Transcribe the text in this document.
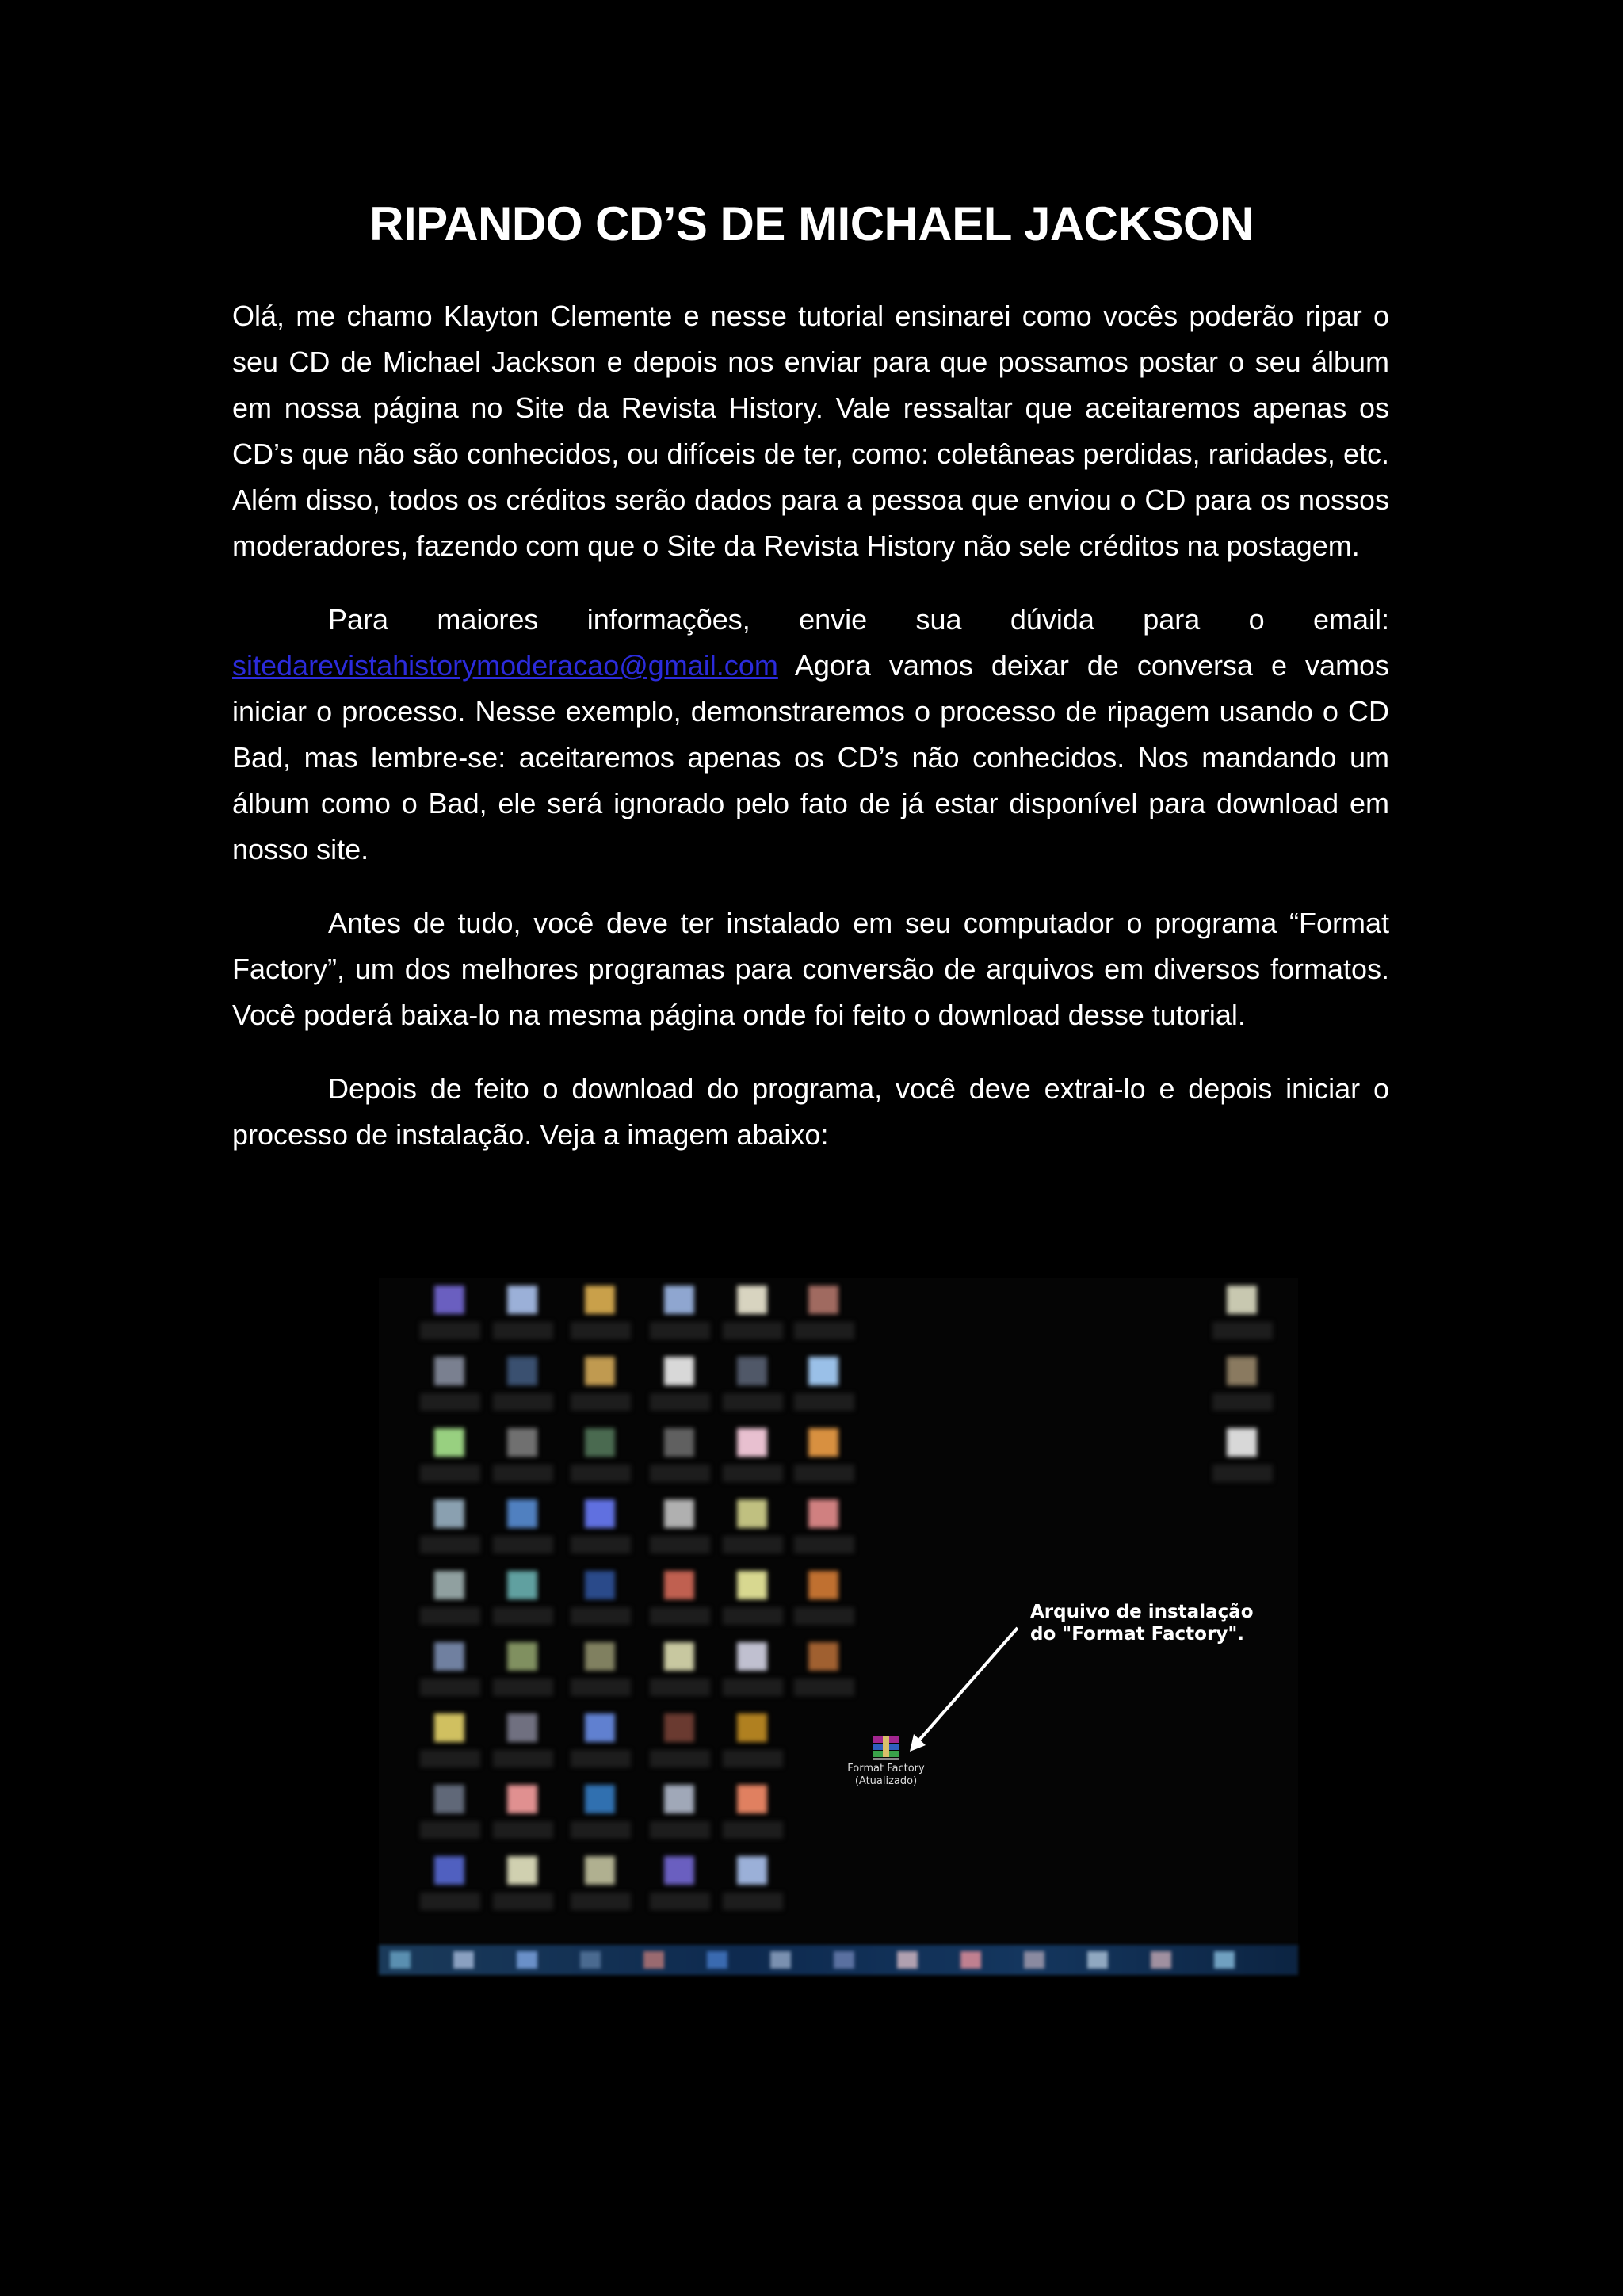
RIPANDO CD’S DE MICHAEL JACKSON

Olá, me chamo Klayton Clemente e nesse tutorial ensinarei como vocês poderão ripar o seu CD de Michael Jackson e depois nos enviar para que possamos postar o seu álbum em nossa página no Site da Revista History. Vale ressaltar que aceitaremos apenas os CD’s que não são conhecidos, ou difíceis de ter, como: coletâneas perdidas, raridades, etc. Além disso, todos os créditos serão dados para a pessoa que enviou o CD para os nossos moderadores, fazendo com que o Site da Revista History não sele créditos na postagem.

Para maiores informações, envie sua dúvida para o email: sitedarevistahistorymoderacao@gmail.com Agora vamos deixar de conversa e vamos iniciar o processo. Nesse exemplo, demonstraremos o processo de ripagem usando o CD Bad, mas lembre-se: aceitaremos apenas os CD’s não conhecidos. Nos mandando um álbum como o Bad, ele será ignorado pelo fato de já estar disponível para download em nosso site.

Antes de tudo, você deve ter instalado em seu computador o programa “Format Factory”, um dos melhores programas para conversão de arquivos em diversos formatos. Você poderá baixa-lo na mesma página onde foi feito o download desse tutorial.

Depois de feito o download do programa, você deve extrai-lo e depois iniciar o processo de instalação. Veja a imagem abaixo:

Format Factory
(Atualizado)
Arquivo de instalação
do "Format Factory".
